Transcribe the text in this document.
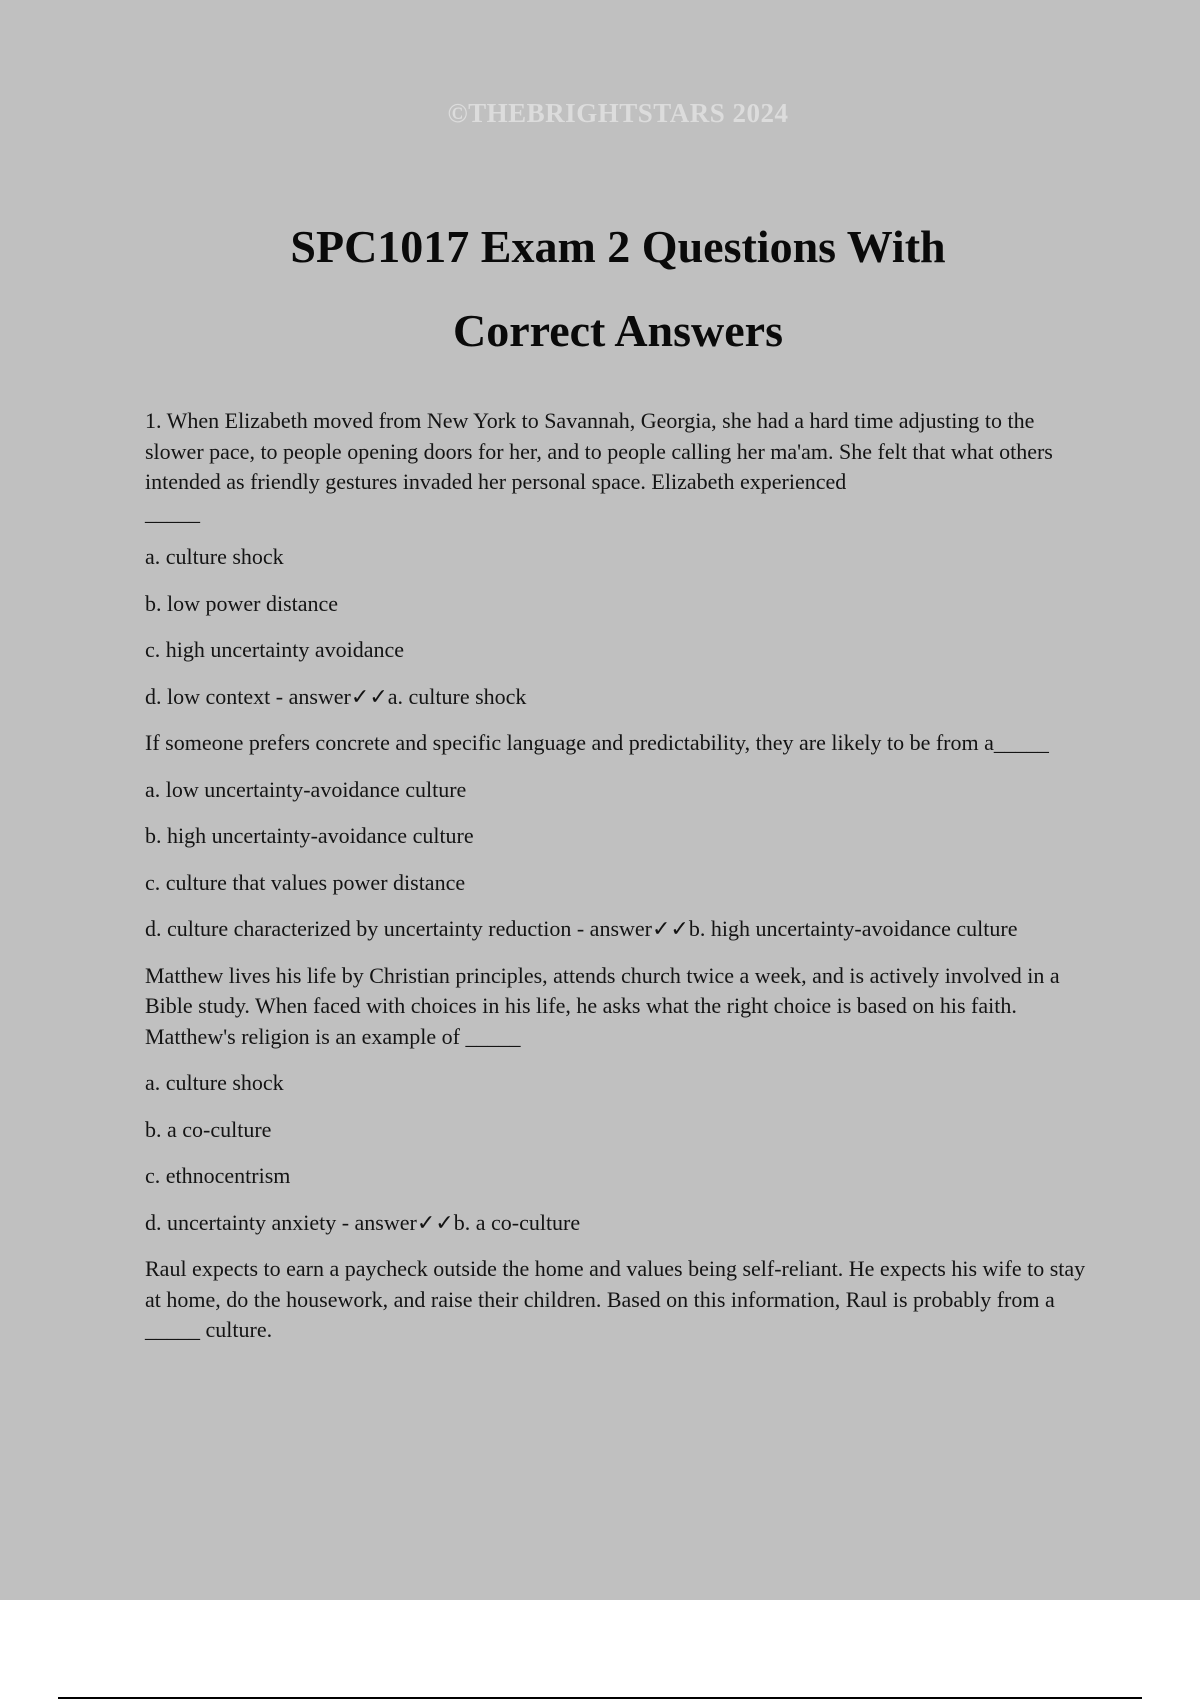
©THEBRIGHTSTARS 2024
SPC1017 Exam 2 Questions With
Correct Answers

1. When Elizabeth moved from New York to Savannah, Georgia, she had a hard time adjusting to the slower pace, to people opening doors for her, and to people calling her ma'am. She felt that what others intended as friendly gestures invaded her personal space. Elizabeth experienced
_____

a. culture shock

b. low power distance

c. high uncertainty avoidance

d. low context - answer✓✓a. culture shock

If someone prefers concrete and specific language and predictability, they are likely to be from a_____

a. low uncertainty-avoidance culture

b. high uncertainty-avoidance culture

c. culture that values power distance

d. culture characterized by uncertainty reduction - answer✓✓b. high uncertainty-avoidance culture

Matthew lives his life by Christian principles, attends church twice a week, and is actively involved in a Bible study. When faced with choices in his life, he asks what the right choice is based on his faith. Matthew's religion is an example of _____

a. culture shock

b. a co-culture

c. ethnocentrism

d. uncertainty anxiety - answer✓✓b. a co-culture

Raul expects to earn a paycheck outside the home and values being self-reliant. He expects his wife to stay at home, do the housework, and raise their children. Based on this information, Raul is probably from a _____ culture.
